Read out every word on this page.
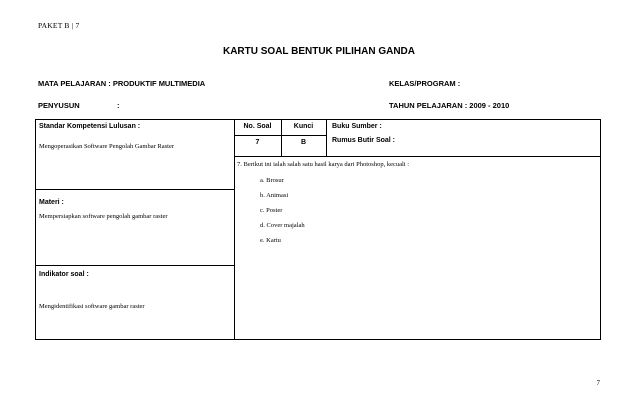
PAKET B | 7
KARTU SOAL BENTUK PILIHAN GANDA
MATA PELAJARAN : PRODUKTIF MULTIMEDIA	KELAS/PROGRAM :
PENYUSUN	:	TAHUN PELAJARAN : 2009 - 2010
Standar Kompetensi Lulusan :
Mengoperasikan Software Pengolah Gambar Raster
Materi :
Mempersiapkan software pengolah gambar raster
Indikator soal :
Mengidentifikasi software gambar raster
No. Soal	Kunci	Buku Sumber :
7	B	Rumus Butir Soal :
7. Berikut ini ialah salah satu hasil karya dari Photoshop, kecuali :
a. Brosur
b. Animasi
c. Poster
d. Cover majalah
e. Kartu
7
